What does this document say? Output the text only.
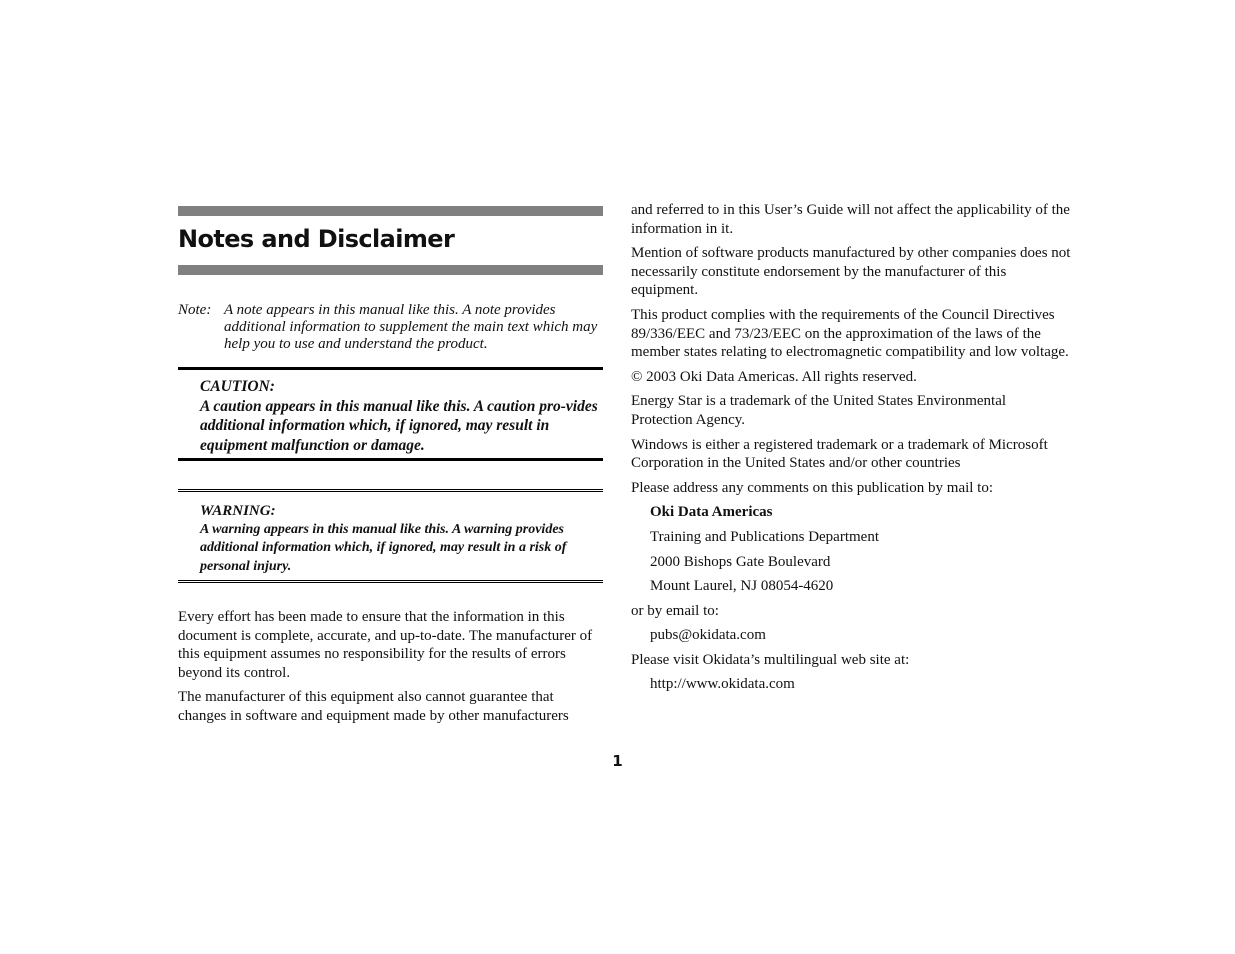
Notes and Disclaimer
Note: A note appears in this manual like this. A note provides additional information to supplement the main text which may help you to use and understand the product.
CAUTION:
A caution appears in this manual like this. A caution pro-vides additional information which, if ignored, may result in equipment malfunction or damage.
WARNING:
A warning appears in this manual like this. A warning provides additional information which, if ignored, may result in a risk of personal injury.

Every effort has been made to ensure that the information in this document is complete, accurate, and up-to-date. The manufacturer of this equipment assumes no responsibility for the results of errors beyond its control.

The manufacturer of this equipment also cannot guarantee that changes in software and equipment made by other manufacturers

and referred to in this User’s Guide will not affect the applicability of the information in it.

Mention of software products manufactured by other companies does not necessarily constitute endorsement by the manufacturer of this equipment.

This product complies with the requirements of the Council Directives 89/336/EEC and 73/23/EEC on the approximation of the laws of the member states relating to electromagnetic compatibility and low voltage.

© 2003 Oki Data Americas. All rights reserved.

Energy Star is a trademark of the United States Environmental Protection Agency.

Windows is either a registered trademark or a trademark of Microsoft Corporation in the United States and/or other countries

Please address any comments on this publication by mail to:

Oki Data Americas

Training and Publications Department

2000 Bishops Gate Boulevard

Mount Laurel, NJ 08054-4620

or by email to:

pubs@okidata.com

Please visit Okidata’s multilingual web site at:

http://www.okidata.com

1
